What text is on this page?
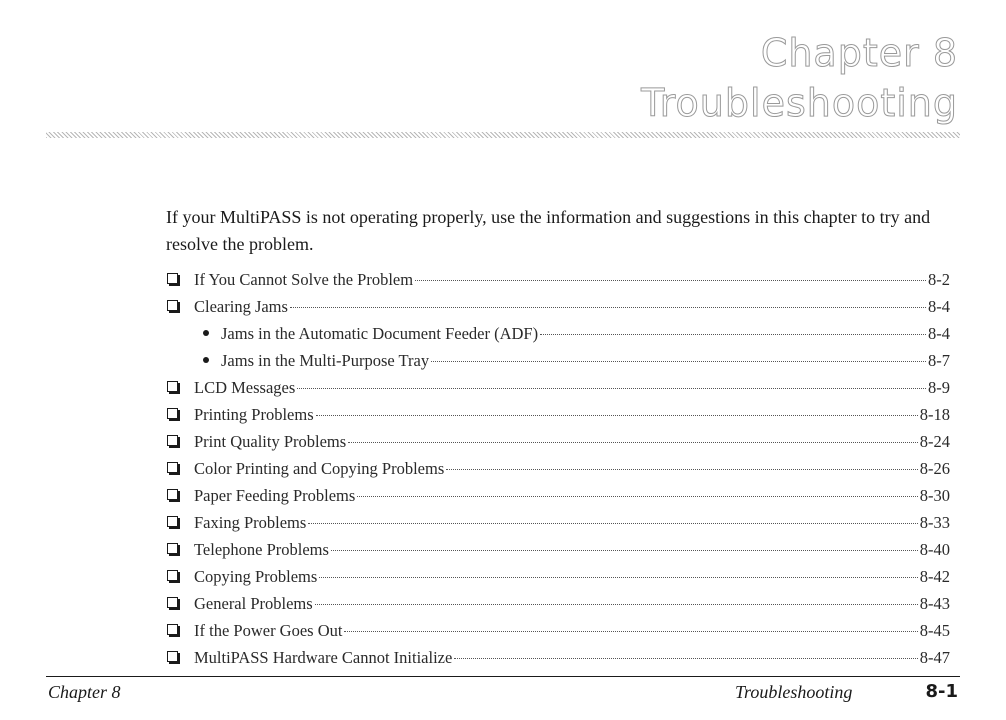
Chapter 8
Troubleshooting

If your MultiPASS is not operating properly, use the information and suggestions in this chapter to try and resolve the problem.

If You Cannot Solve the Problem	8-2
Clearing Jams	8-4
Jams in the Automatic Document Feeder (ADF)	8-4
Jams in the Multi-Purpose Tray	8-7
LCD Messages	8-9
Printing Problems	8-18
Print Quality Problems	8-24
Color Printing and Copying Problems	8-26
Paper Feeding Problems	8-30
Faxing Problems	8-33
Telephone Problems	8-40
Copying Problems	8-42
General Problems	8-43
If the Power Goes Out	8-45
MultiPASS Hardware Cannot Initialize	8-47
Chapter 8	Troubleshooting	8-1
